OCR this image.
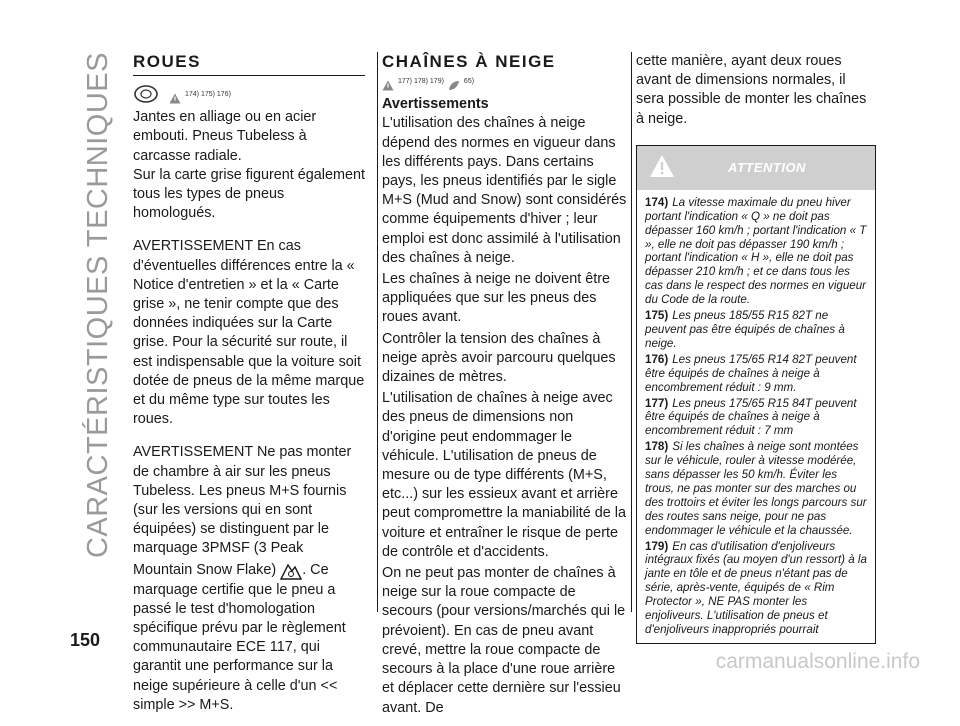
CARACTÉRISTIQUES TECHNIQUES
150
ROUES
174) 175) 176)

Jantes en alliage ou en acier embouti. Pneus Tubeless à carcasse radiale.

Sur la carte grise figurent également tous les types de pneus homologués.

AVERTISSEMENT En cas d'éventuelles différences entre la « Notice d'entretien » et la « Carte grise », ne tenir compte que des données indiquées sur la Carte grise. Pour la sécurité sur route, il est indispensable que la voiture soit dotée de pneus de la même marque et du même type sur toutes les roues.

AVERTISSEMENT Ne pas monter de chambre à air sur les pneus Tubeless. Les pneus M+S fournis (sur les versions qui en sont équipées) se distinguent par le marquage 3PMSF (3 Peak Mountain Snow Flake) . Ce marquage certifie que le pneu a passé le test d'homologation spécifique prévu par le règlement communautaire ECE 117, qui garantit une performance sur la neige supérieure à celle d'un << simple >> M+S.

CHAÎNES À NEIGE
177) 178) 179)	65)
Avertissements

L'utilisation des chaînes à neige dépend des normes en vigueur dans les différents pays. Dans certains pays, les pneus identifiés par le sigle M+S (Mud and Snow) sont considérés comme équipements d'hiver ; leur emploi est donc assimilé à l'utilisation des chaînes à neige.

Les chaînes à neige ne doivent être appliquées que sur les pneus des roues avant.

Contrôler la tension des chaînes à neige après avoir parcouru quelques dizaines de mètres.

L'utilisation de chaînes à neige avec des pneus de dimensions non d'origine peut endommager le véhicule. L'utilisation de pneus de mesure ou de type différents (M+S, etc...) sur les essieux avant et arrière peut compromettre la maniabilité de la voiture et entraîner le risque de perte de contrôle et d'accidents.

On ne peut pas monter de chaînes à neige sur la roue compacte de secours (pour versions/marchés qui le prévoient). En cas de pneu avant crevé, mettre la roue compacte de secours à la place d'une roue arrière et déplacer cette dernière sur l'essieu avant. De

cette manière, ayant deux roues avant de dimensions normales, il sera possible de monter les chaînes à neige.

ATTENTION
174) La vitesse maximale du pneu hiver portant l'indication « Q » ne doit pas dépasser 160 km/h ; portant l'indication « T », elle ne doit pas dépasser 190 km/h ; portant l'indication « H », elle ne doit pas dépasser 210 km/h ; et ce dans tous les cas dans le respect des normes en vigueur du Code de la route.
175) Les pneus 185/55 R15 82T ne peuvent pas être équipés de chaînes à neige.
176) Les pneus 175/65 R14 82T peuvent être équipés de chaînes à neige à encombrement réduit : 9 mm.
177) Les pneus 175/65 R15 84T peuvent être équipés de chaînes à neige à encombrement réduit : 7 mm
178) Si les chaînes à neige sont montées sur le véhicule, rouler à vitesse modérée, sans dépasser les 50 km/h. Éviter les trous, ne pas monter sur des marches ou des trottoirs et éviter les longs parcours sur des routes sans neige, pour ne pas endommager le véhicule et la chaussée.
179) En cas d'utilisation d'enjoliveurs intégraux fixés (au moyen d'un ressort) à la jante en tôle et de pneus n'étant pas de série, après-vente, équipés de « Rim Protector », NE PAS monter les enjoliveurs. L'utilisation de pneus et d'enjoliveurs inappropriés pourrait
carmanualsonline.info
